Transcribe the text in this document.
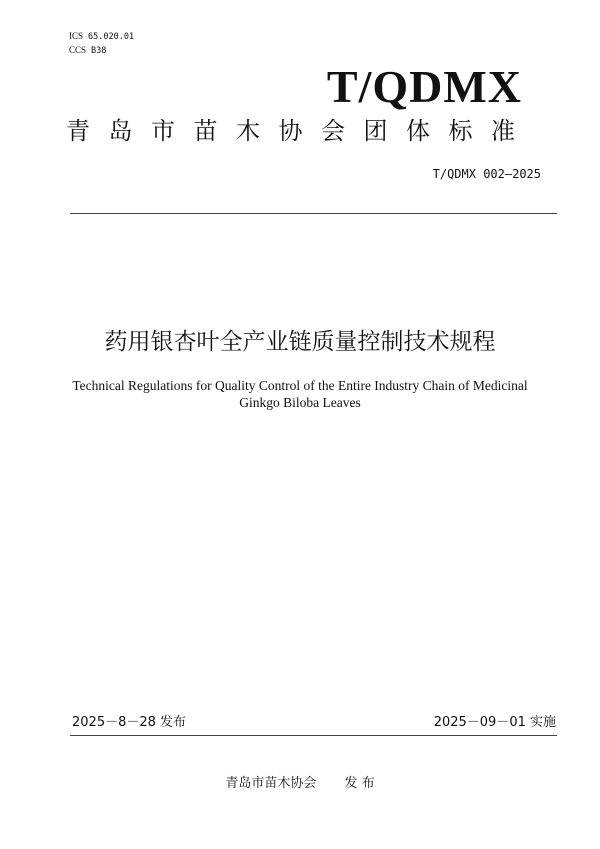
ICS 65.020.01
CCS B38
T/QDMX
青岛市苗木协会团体标准
T/QDMX 002—2025
药用银杏叶全产业链质量控制技术规程
Technical Regulations for Quality Control of the Entire Industry Chain of Medicinal
Ginkgo Biloba Leaves
2025－8－28 发布	2025－09－01 实施
青岛市苗木协会 发 布
